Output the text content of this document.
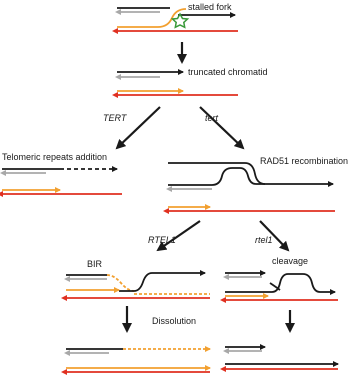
stalled fork
truncated chromatid
TERT	tert
Telomeric repeats addition	RAD51 recombination
RTEL1	rtel1
BIR
Dissolution
cleavage
